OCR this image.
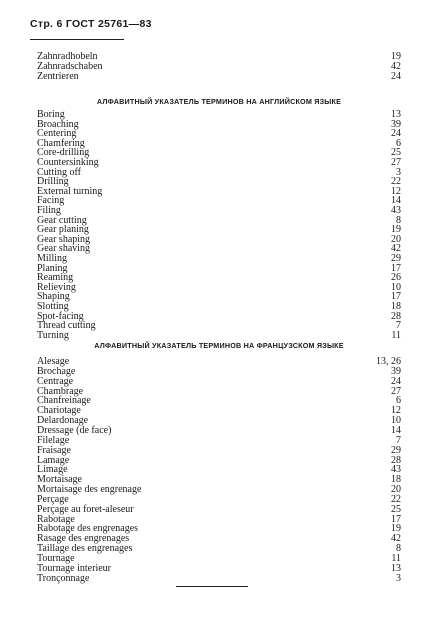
Стр. 6 ГОСТ 25761—83
Zahnradhobeln	19
Zahnradschaben	42
Zentrieren	24
АЛФАВИТНЫЙ УКАЗАТЕЛЬ ТЕРМИНОВ НА АНГЛИЙСКОМ ЯЗЫКЕ
Boring	13
Broaching	39
Centering	24
Chamfering	6
Core-drilling	25
Countersinking	27
Cutting off	3
Drilling	22
External turning	12
Facing	14
Filing	43
Gear cutting	8
Gear planing	19
Gear shaping	20
Gear shaving	42
Milling	29
Planing	17
Reaming	26
Relieving	10
Shaping	17
Slotting	18
Spot-facing	28
Thread cutting	7
Turning	11
АЛФАВИТНЫЙ УКАЗАТЕЛЬ ТЕРМИНОВ НА ФРАНЦУЗСКОМ ЯЗЫКЕ
Alesage	13, 26
Brochage	39
Centrage	24
Chambrage	27
Chanfreinage	6
Chariotage	12
Delardonage	10
Dressage (de face)	14
Filelage	7
Fraisage	29
Lamage	28
Limage	43
Mortaisage	18
Mortaisage des engrenage	20
Perçage	22
Perçage au foret-aleseur	25
Rabotage	17
Rabotage des engrenages	19
Rasage des engrenages	42
Taillage des engrenages	8
Tournage	11
Tournage interieur	13
Tronçonnage	3
